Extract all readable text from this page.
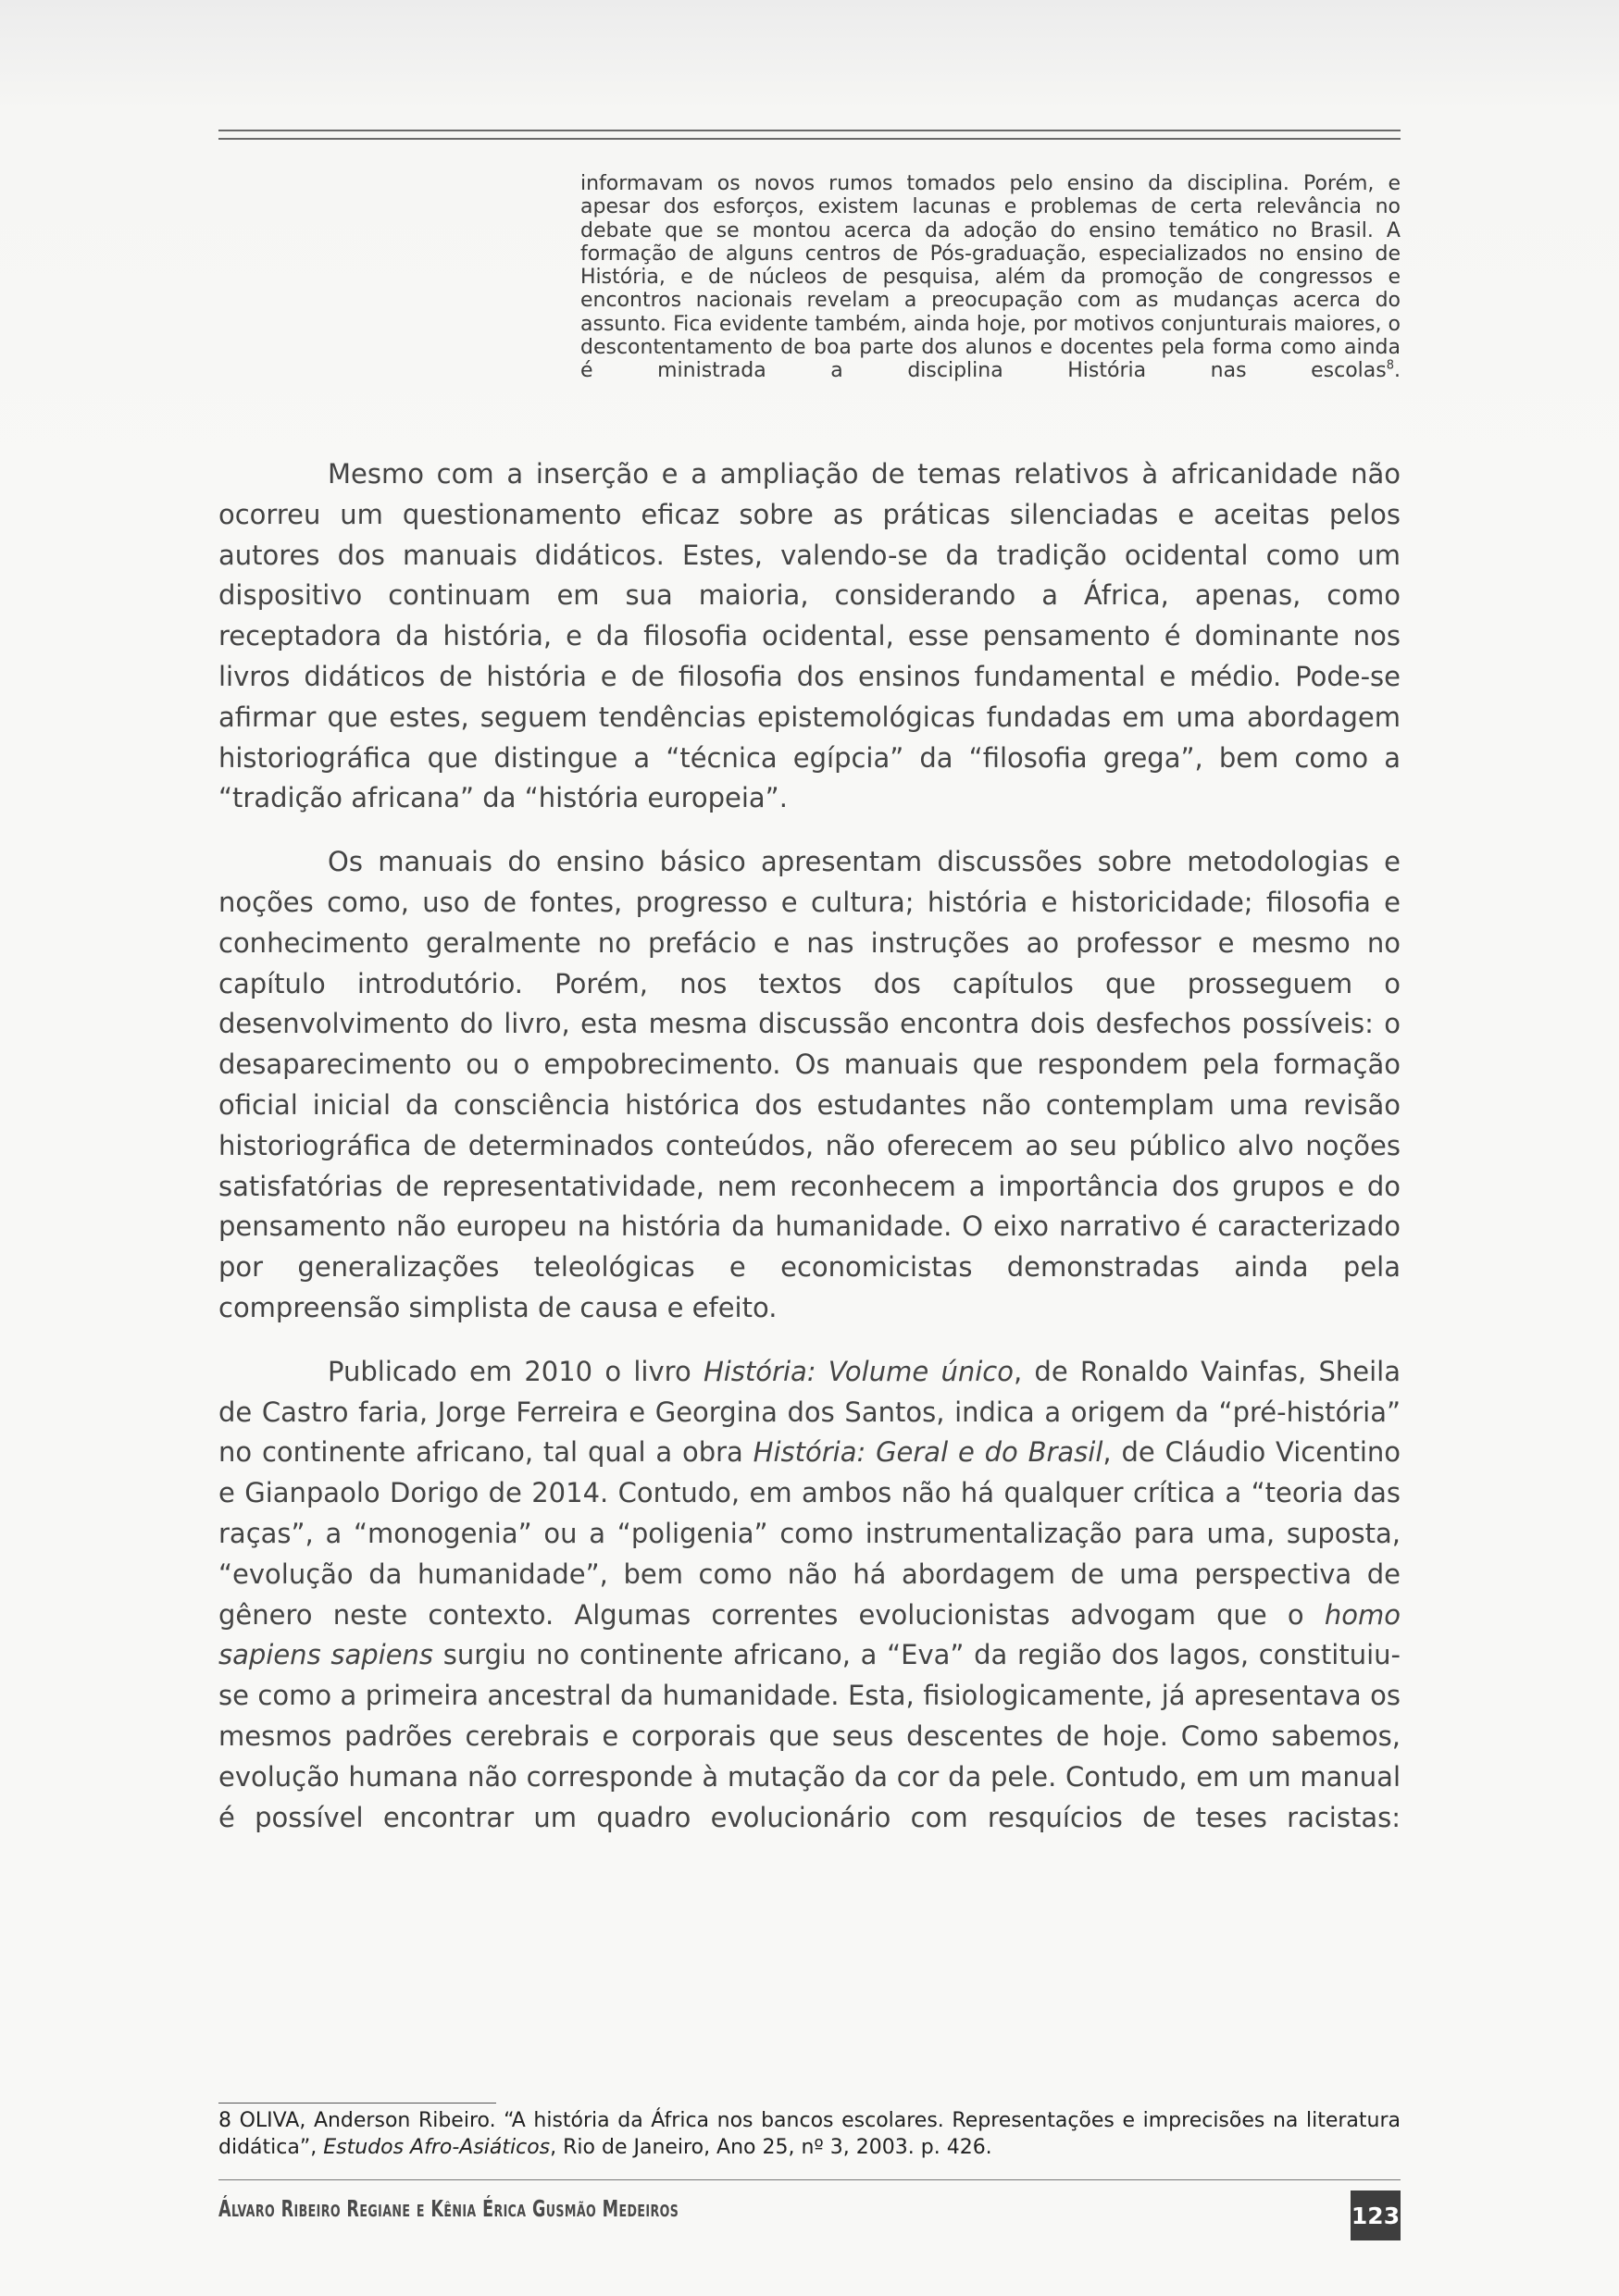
informavam os novos rumos tomados pelo ensino da disciplina. Porém, e apesar dos esforços, existem lacunas e problemas de certa relevância no debate que se montou acerca da adoção do ensino temático no Brasil. A formação de alguns centros de Pós-graduação, especializados no ensino de História, e de núcleos de pesquisa, além da promoção de congressos e encontros nacionais revelam a preocupação com as mudanças acerca do assunto. Fica evidente também, ainda hoje, por motivos conjunturais maiores, o descontentamento de boa parte dos alunos e docentes pela forma como ainda é ministrada a disciplina História nas escolas$^8$.

Mesmo com a inserção e a ampliação de temas relativos à africanidade não ocorreu um questionamento eficaz sobre as práticas silenciadas e aceitas pelos autores dos manuais didáticos. Estes, valendo-se da tradição ocidental como um dispositivo continuam em sua maioria, considerando a África, apenas, como receptadora da história, e da filosofia ocidental, esse pensamento é dominante nos livros didáticos de história e de filosofia dos ensinos fundamental e médio. Pode-se afirmar que estes, seguem tendências epistemológicas fundadas em uma abordagem historiográfica que distingue a “técnica egípcia” da “filosofia grega”, bem como a “tradição africana” da “história europeia”.

Os manuais do ensino básico apresentam discussões sobre metodologias e noções como, uso de fontes, progresso e cultura; história e historicidade; filosofia e conhecimento geralmente no prefácio e nas instruções ao professor e mesmo no capítulo introdutório. Porém, nos textos dos capítulos que prosseguem o desenvolvimento do livro, esta mesma discussão encontra dois desfechos possíveis: o desaparecimento ou o empobrecimento. Os manuais que respondem pela formação oficial inicial da consciência histórica dos estudantes não contemplam uma revisão historiográfica de determinados conteúdos, não oferecem ao seu público alvo noções satisfatórias de representatividade, nem reconhecem a importância dos grupos e do pensamento não europeu na história da humanidade. O eixo narrativo é caracterizado por generalizações teleológicas e economicistas demonstradas ainda pela compreensão simplista de causa e efeito.

Publicado em 2010 o livro História: Volume único, de Ronaldo Vainfas, Sheila de Castro faria, Jorge Ferreira e Georgina dos Santos, indica a origem da “pré-história” no continente africano, tal qual a obra História: Geral e do Brasil, de Cláudio Vicentino e Gianpaolo Dorigo de 2014. Contudo, em ambos não há qualquer crítica a “teoria das raças”, a “monogenia” ou a “poligenia” como instrumentalização para uma, suposta, “evolução da humanidade”, bem como não há abordagem de uma perspectiva de gênero neste contexto. Algumas correntes evolucionistas advogam que o homo sapiens sapiens surgiu no continente africano, a “Eva” da região dos lagos, constituiu-se como a primeira ancestral da humanidade. Esta, fisiologicamente, já apresentava os mesmos padrões cerebrais e corporais que seus descentes de hoje. Como sabemos, evolução humana não corresponde à mutação da cor da pele. Contudo, em um manual é possível encontrar um quadro evolucionário com resquícios de teses racistas:

8 OLIVA, Anderson Ribeiro. “A história da África nos bancos escolares. Representações e imprecisões na literatura didática”, Estudos Afro-Asiáticos, Rio de Janeiro, Ano 25, nº 3, 2003. p. 426.
Álvaro Ribeiro Regiane e Kênia Érica Gusmão Medeiros	123
